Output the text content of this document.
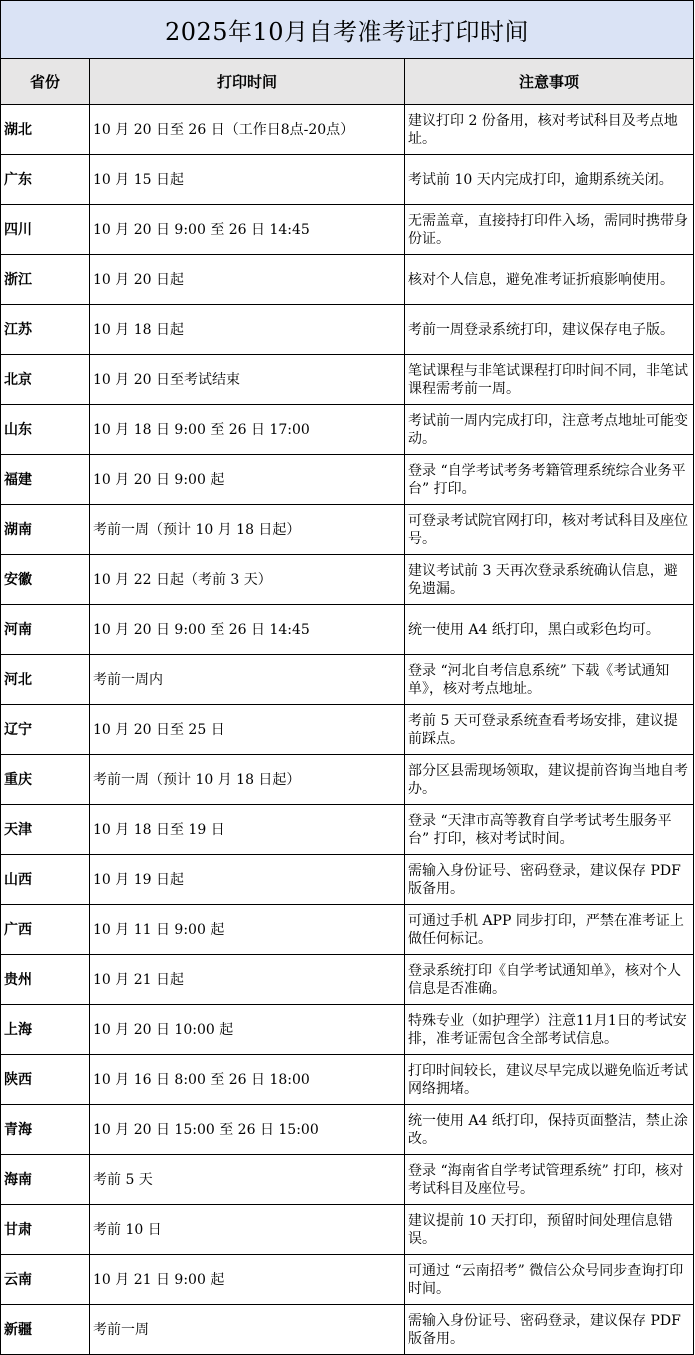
2025年10月自考准考证打印时间		
省份	打印时间	注意事项
湖北	10 月 20 日至 26 日（工作日8点-20点）	建议打印 2 份备用，核对考试科目及考点地址。
广东	10 月 15 日起	考试前 10 天内完成打印，逾期系统关闭。
四川	10 月 20 日 9:00 至 26 日 14:45	无需盖章，直接持打印件入场，需同时携带身份证。
浙江	10 月 20 日起	核对个人信息，避免准考证折痕影响使用。
江苏	10 月 18 日起	考前一周登录系统打印，建议保存电子版。
北京	10 月 20 日至考试结束	笔试课程与非笔试课程打印时间不同，非笔试课程需考前一周。
山东	10 月 18 日 9:00 至 26 日 17:00	考试前一周内完成打印，注意考点地址可能变动。
福建	10 月 20 日 9:00 起	登录 “自学考试考务考籍管理系统综合业务平台” 打印。
湖南	考前一周（预计 10 月 18 日起）	可登录考试院官网打印，核对考试科目及座位号。
安徽	10 月 22 日起（考前 3 天）	建议考试前 3 天再次登录系统确认信息，避免遗漏。
河南	10 月 20 日 9:00 至 26 日 14:45	统一使用 A4 纸打印，黑白或彩色均可。
河北	考前一周内	登录 “河北自考信息系统” 下载《考试通知单》，核对考点地址。
辽宁	10 月 20 日至 25 日	考前 5 天可登录系统查看考场安排，建议提前踩点。
重庆	考前一周（预计 10 月 18 日起）	部分区县需现场领取，建议提前咨询当地自考办。
天津	10 月 18 日至 19 日	登录 “天津市高等教育自学考试考生服务平台” 打印，核对考试时间。
山西	10 月 19 日起	需输入身份证号、密码登录，建议保存 PDF 版备用。
广西	10 月 11 日 9:00 起	可通过手机 APP 同步打印，严禁在准考证上做任何标记。
贵州	10 月 21 日起	登录系统打印《自学考试通知单》，核对个人信息是否准确。
上海	10 月 20 日 10:00 起	特殊专业（如护理学）注意11月1日的考试安排，准考证需包含全部考试信息。
陕西	10 月 16 日 8:00 至 26 日 18:00	打印时间较长，建议尽早完成以避免临近考试网络拥堵。
青海	10 月 20 日 15:00 至 26 日 15:00	统一使用 A4 纸打印，保持页面整洁，禁止涂改。
海南	考前 5 天	登录 “海南省自学考试管理系统” 打印，核对考试科目及座位号。
甘肃	考前 10 日	建议提前 10 天打印，预留时间处理信息错误。
云南	10 月 21 日 9:00 起	可通过 “云南招考” 微信公众号同步查询打印时间。
新疆	考前一周	需输入身份证号、密码登录，建议保存 PDF 版备用。
